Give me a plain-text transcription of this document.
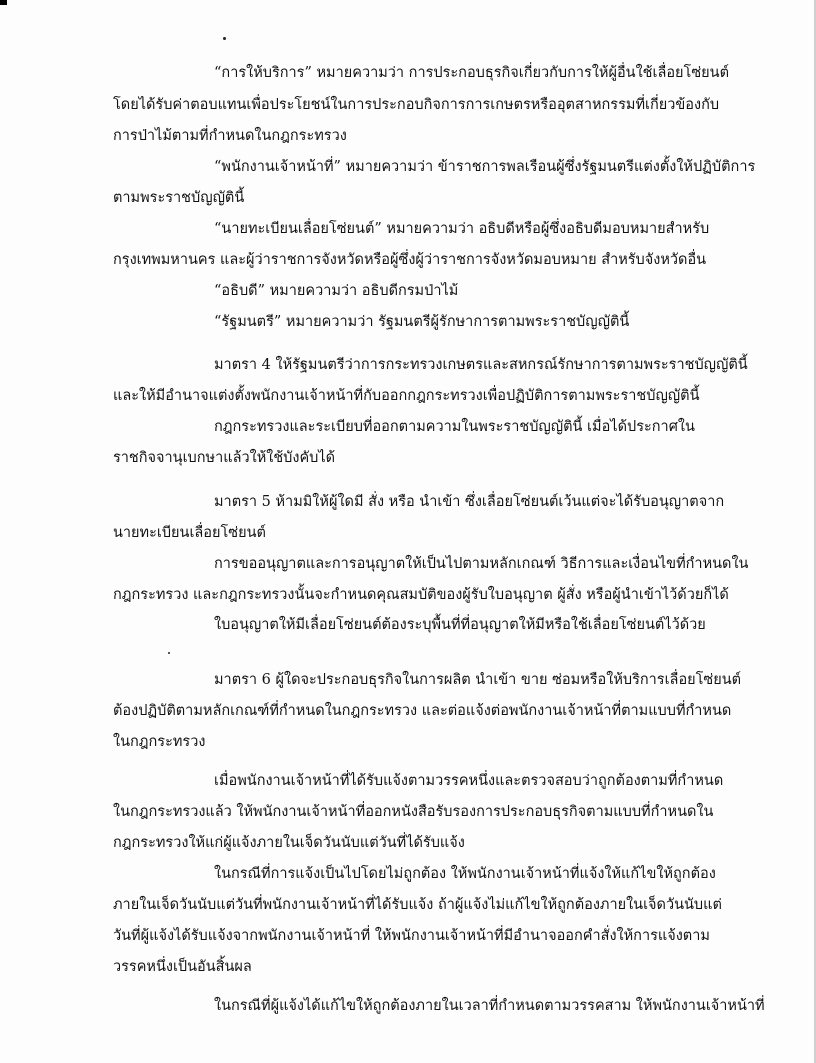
“การให้บริการ” หมายความว่า การประกอบธุรกิจเกี่ยวกับการให้ผู้อื่นใช้เลื่อยโซ่ยนต์
โดยได้รับค่าตอบแทนเพื่อประโยชน์ในการประกอบกิจการการเกษตรหรืออุตสาหกรรมที่เกี่ยวข้องกับ
การป่าไม้ตามที่กำหนดในกฎกระทรวง
“พนักงานเจ้าหน้าที่” หมายความว่า ข้าราชการพลเรือนผู้ซึ่งรัฐมนตรีแต่งตั้งให้ปฏิบัติการ
ตามพระราชบัญญัตินี้
“นายทะเบียนเลื่อยโซ่ยนต์” หมายความว่า อธิบดีหรือผู้ซึ่งอธิบดีมอบหมายสำหรับ
กรุงเทพมหานคร และผู้ว่าราชการจังหวัดหรือผู้ซึ่งผู้ว่าราชการจังหวัดมอบหมาย สำหรับจังหวัดอื่น
“อธิบดี” หมายความว่า อธิบดีกรมป่าไม้
“รัฐมนตรี” หมายความว่า รัฐมนตรีผู้รักษาการตามพระราชบัญญัตินี้
มาตรา 4 ให้รัฐมนตรีว่าการกระทรวงเกษตรและสหกรณ์รักษาการตามพระราชบัญญัตินี้
และให้มีอำนาจแต่งตั้งพนักงานเจ้าหน้าที่กับออกกฎกระทรวงเพื่อปฏิบัติการตามพระราชบัญญัตินี้
กฎกระทรวงและระเบียบที่ออกตามความในพระราชบัญญัตินี้ เมื่อได้ประกาศใน
ราชกิจจานุเบกษาแล้วให้ใช้บังคับได้
มาตรา 5 ห้ามมิให้ผู้ใดมี สั่ง หรือ นำเข้า ซึ่งเลื่อยโซ่ยนต์เว้นแต่จะได้รับอนุญาตจาก
นายทะเบียนเลื่อยโซ่ยนต์
การขออนุญาตและการอนุญาตให้เป็นไปตามหลักเกณฑ์ วิธีการและเงื่อนไขที่กำหนดใน
กฎกระทรวง และกฎกระทรวงนั้นจะกำหนดคุณสมบัติของผู้รับใบอนุญาต ผู้สั่ง หรือผู้นำเข้าไว้ด้วยก็ได้
ใบอนุญาตให้มีเลื่อยโซ่ยนต์ต้องระบุพื้นที่ที่อนุญาตให้มีหรือใช้เลื่อยโซ่ยนต์ไว้ด้วย
มาตรา 6 ผู้ใดจะประกอบธุรกิจในการผลิต นำเข้า ขาย ซ่อมหรือให้บริการเลื่อยโซ่ยนต์
ต้องปฏิบัติตามหลักเกณฑ์ที่กำหนดในกฎกระทรวง และต่อแจ้งต่อพนักงานเจ้าหน้าที่ตามแบบที่กำหนด
ในกฎกระทรวง
เมื่อพนักงานเจ้าหน้าที่ได้รับแจ้งตามวรรคหนึ่งและตรวจสอบว่าถูกต้องตามที่กำหนด
ในกฎกระทรวงแล้ว ให้พนักงานเจ้าหน้าที่ออกหนังสือรับรองการประกอบธุรกิจตามแบบที่กำหนดใน
กฎกระทรวงให้แก่ผู้แจ้งภายในเจ็ดวันนับแต่วันที่ได้รับแจ้ง
ในกรณีที่การแจ้งเป็นไปโดยไม่ถูกต้อง ให้พนักงานเจ้าหน้าที่แจ้งให้แก้ไขให้ถูกต้อง
ภายในเจ็ดวันนับแต่วันที่พนักงานเจ้าหน้าที่ได้รับแจ้ง ถ้าผู้แจ้งไม่แก้ไขให้ถูกต้องภายในเจ็ดวันนับแต่
วันที่ผู้แจ้งได้รับแจ้งจากพนักงานเจ้าหน้าที่ ให้พนักงานเจ้าหน้าที่มีอำนาจออกคำสั่งให้การแจ้งตาม
วรรคหนึ่งเป็นอันสิ้นผล
ในกรณีที่ผู้แจ้งได้แก้ไขให้ถูกต้องภายในเวลาที่กำหนดตามวรรคสาม ให้พนักงานเจ้าหน้าที่
